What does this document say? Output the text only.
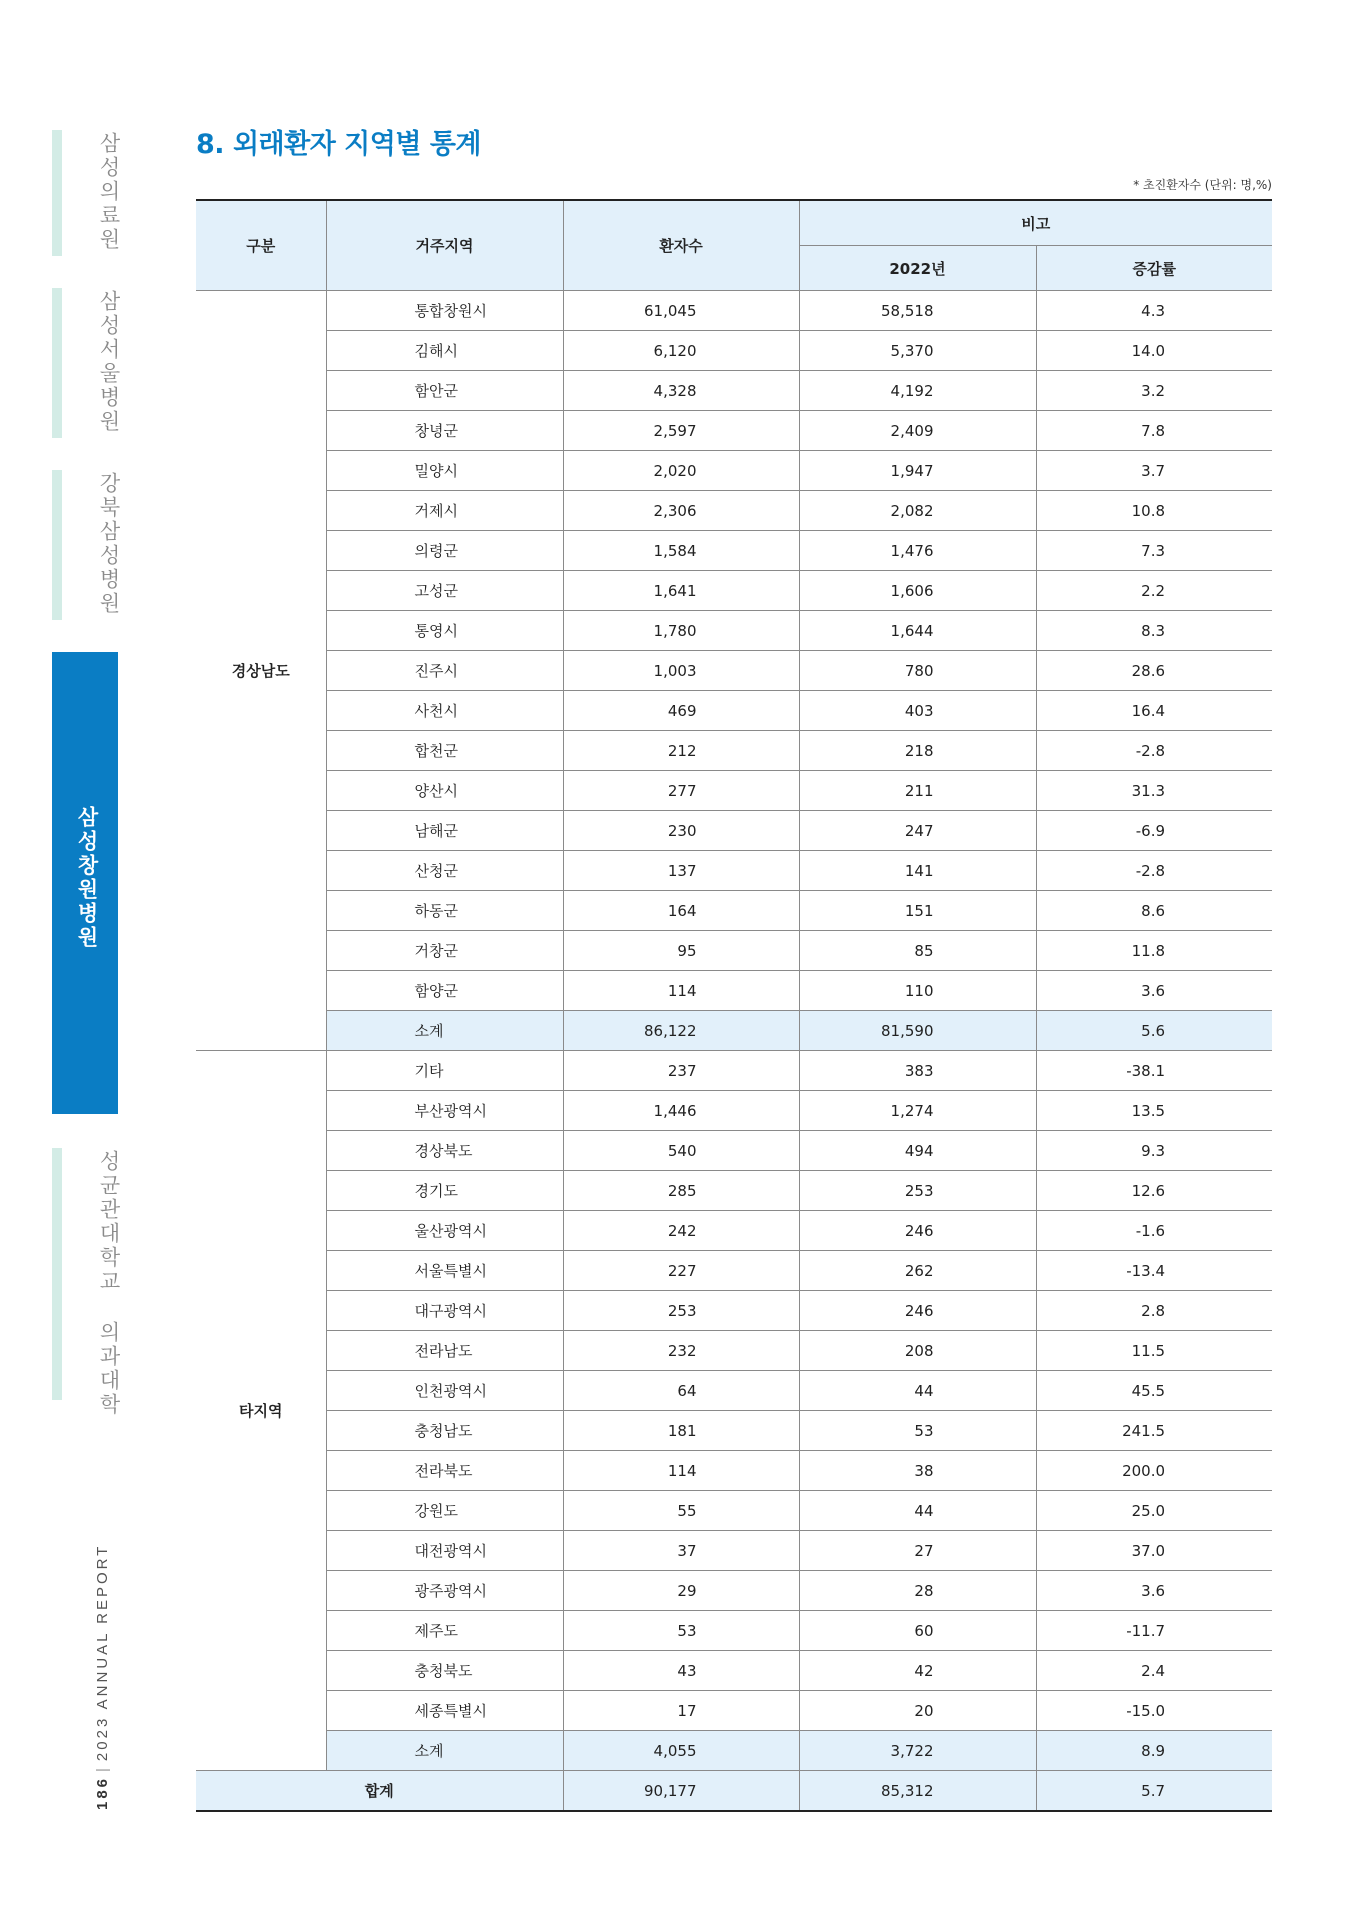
삼성의료원
삼성서울병원
강북삼성병원
삼성창원병원
성균관대학교 의과대학
186|2023 ANNUAL REPORT
8. 외래환자 지역별 통계
* 초진환자수 (단위: 명,%)
구분	거주지역	환자수	비고	
			2022년	증감률
경상남도	통합창원시	61,045	58,518	4.3
	김해시	6,120	5,370	14.0
	함안군	4,328	4,192	3.2
	창녕군	2,597	2,409	7.8
	밀양시	2,020	1,947	3.7
	거제시	2,306	2,082	10.8
	의령군	1,584	1,476	7.3
	고성군	1,641	1,606	2.2
	통영시	1,780	1,644	8.3
	진주시	1,003	780	28.6
	사천시	469	403	16.4
	합천군	212	218	-2.8
	양산시	277	211	31.3
	남해군	230	247	-6.9
	산청군	137	141	-2.8
	하동군	164	151	8.6
	거창군	95	85	11.8
	함양군	114	110	3.6
	소계	86,122	81,590	5.6
타지역	기타	237	383	-38.1
	부산광역시	1,446	1,274	13.5
	경상북도	540	494	9.3
	경기도	285	253	12.6
	울산광역시	242	246	-1.6
	서울특별시	227	262	-13.4
	대구광역시	253	246	2.8
	전라남도	232	208	11.5
	인천광역시	64	44	45.5
	충청남도	181	53	241.5
	전라북도	114	38	200.0
	강원도	55	44	25.0
	대전광역시	37	27	37.0
	광주광역시	29	28	3.6
	제주도	53	60	-11.7
	충청북도	43	42	2.4
	세종특별시	17	20	-15.0
	소계	4,055	3,722	8.9
합계		90,177	85,312	5.7
